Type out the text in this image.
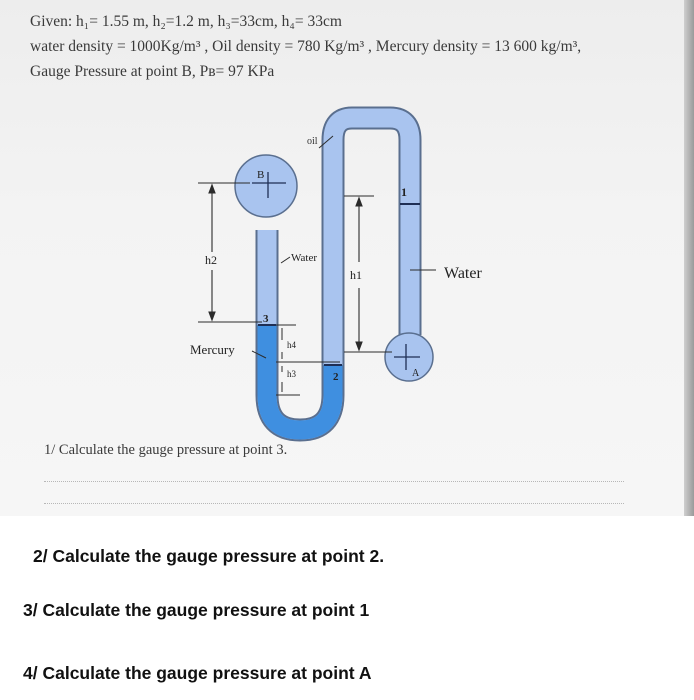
Given: h₁= 1.55 m, h₂=1.2 m, h₃=33cm, h₄= 33cm
water density = 1000Kg/m³ , Oil density = 780 Kg/m³ , Mercury density = 13 600 kg/m³,
Gauge Pressure at point B, Pʙ= 97 KPa
oil
B
1
h2	Water
h1	Water
3
h4
Mercury
h3	2	A
1/ Calculate the gauge pressure at point 3.
2/ Calculate the gauge pressure at point 2.
3/ Calculate the gauge pressure at point 1
4/ Calculate the gauge pressure at point A
